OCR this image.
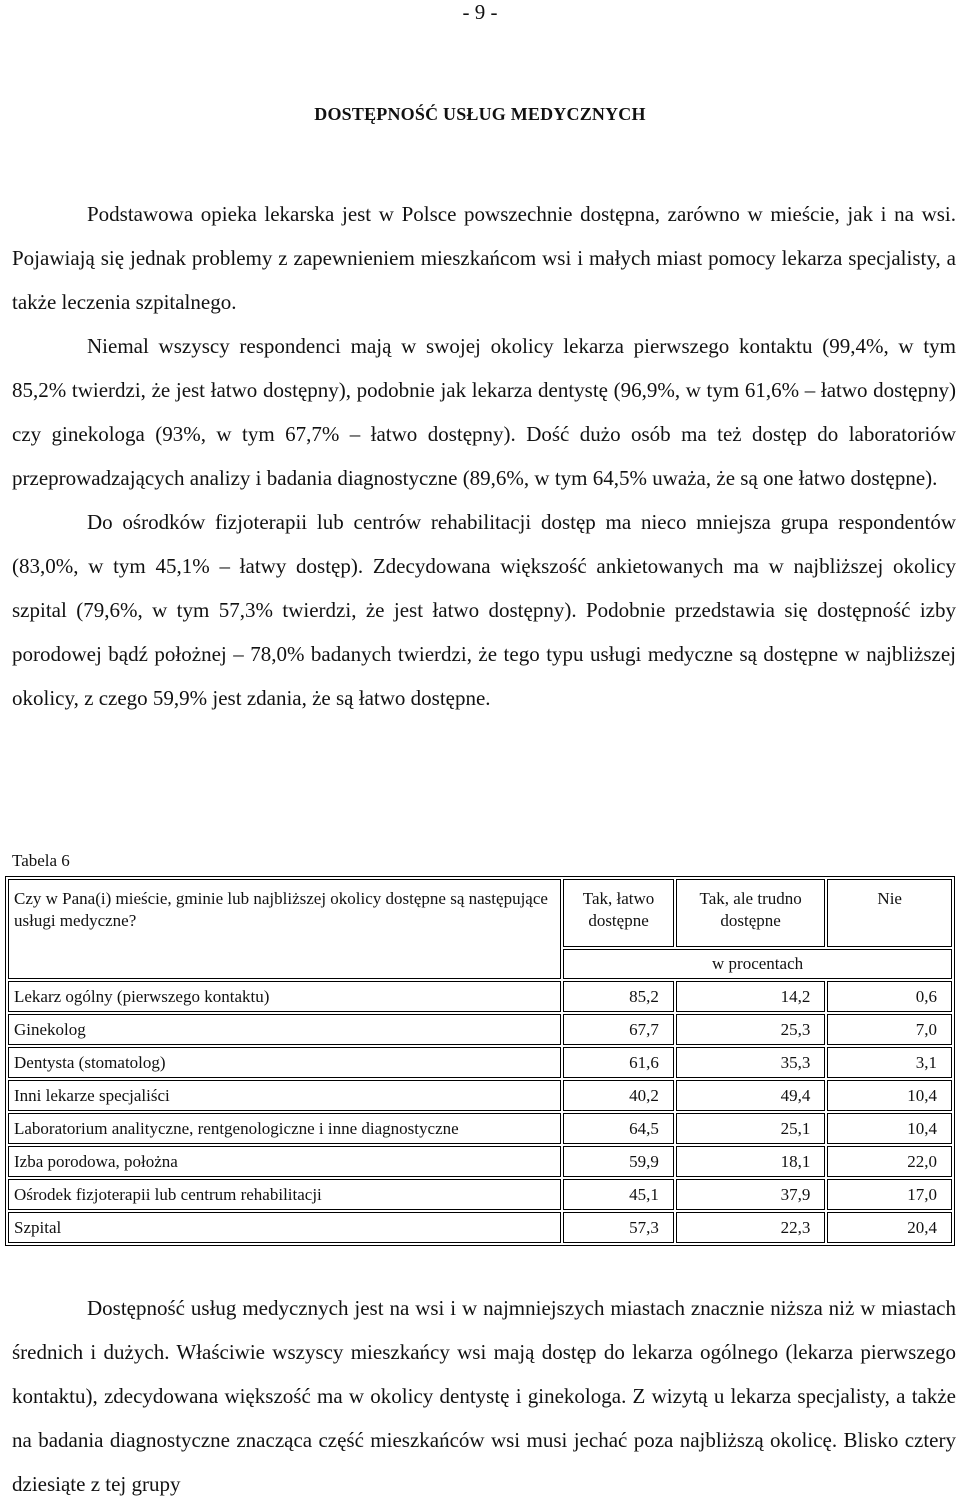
- 9 -
DOSTĘPNOŚĆ USŁUG MEDYCZNYCH

Podstawowa opieka lekarska jest w Polsce powszechnie dostępna, zarówno w mieście, jak i na wsi. Pojawiają się jednak problemy z zapewnieniem mieszkańcom wsi i małych miast pomocy lekarza specjalisty, a także leczenia szpitalnego.

Niemal wszyscy respondenci mają w swojej okolicy lekarza pierwszego kontaktu (99,4%, w tym 85,2% twierdzi, że jest łatwo dostępny), podobnie jak lekarza dentystę (96,9%, w tym 61,6% – łatwo dostępny) czy ginekologa (93%, w tym 67,7% – łatwo dostępny). Dość dużo osób ma też dostęp do laboratoriów przeprowadzających analizy i badania diagnostyczne (89,6%, w tym 64,5% uważa, że są one łatwo dostępne).

Do ośrodków fizjoterapii lub centrów rehabilitacji dostęp ma nieco mniejsza grupa respondentów (83,0%, w tym 45,1% – łatwy dostęp). Zdecydowana większość ankietowanych ma w najbliższej okolicy szpital (79,6%, w tym 57,3% twierdzi, że jest łatwo dostępny). Podobnie przedstawia się dostępność izby porodowej bądź położnej – 78,0% badanych twierdzi, że tego typu usługi medyczne są dostępne w najbliższej okolicy, z czego 59,9% jest zdania, że są łatwo dostępne.

Tabela 6
Czy w Pana(i) mieście, gminie lub najbliższej okolicy dostępne są następujące usługi medyczne?	Tak, łatwo dostępne	Tak, ale trudno dostępne	Nie
	w procentach		
Lekarz ogólny (pierwszego kontaktu)	85,2	14,2	0,6
Ginekolog	67,7	25,3	7,0
Dentysta (stomatolog)	61,6	35,3	3,1
Inni lekarze specjaliści	40,2	49,4	10,4
Laboratorium analityczne, rentgenologiczne i inne diagnostyczne	64,5	25,1	10,4
Izba porodowa, położna	59,9	18,1	22,0
Ośrodek fizjoterapii lub centrum rehabilitacji	45,1	37,9	17,0
Szpital	57,3	22,3	20,4

Dostępność usług medycznych jest na wsi i w najmniejszych miastach znacznie niższa niż w miastach średnich i dużych. Właściwie wszyscy mieszkańcy wsi mają dostęp do lekarza ogólnego (lekarza pierwszego kontaktu), zdecydowana większość ma w okolicy dentystę i ginekologa. Z wizytą u lekarza specjalisty, a także na badania diagnostyczne znacząca część mieszkańców wsi musi jechać poza najbliższą okolicę. Blisko cztery dziesiąte z tej grupy
